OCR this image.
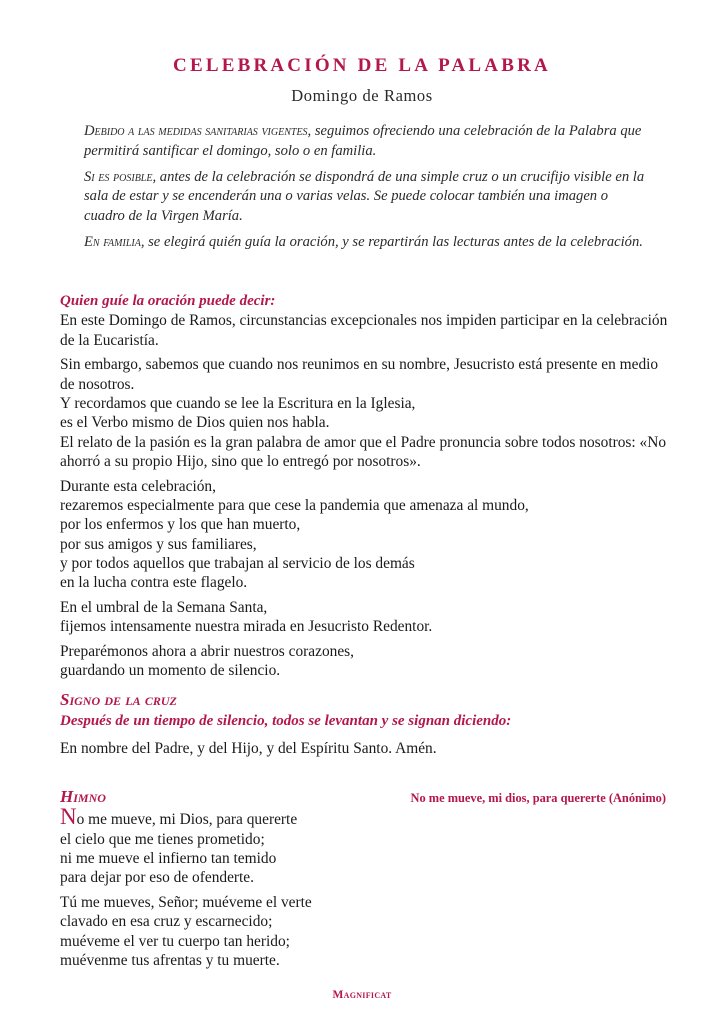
CELEBRACIÓN DE LA PALABRA
Domingo de Ramos

Debido a las medidas sanitarias vigentes, seguimos ofreciendo una celebración de la Palabra que permitirá santificar el domingo, solo o en familia.

Si es posible, antes de la celebración se dispondrá de una simple cruz o un crucifijo visible en la sala de estar y se encenderán una o varias velas. Se puede colocar también una imagen o cuadro de la Virgen María.

En familia, se elegirá quién guía la oración, y se repartirán las lecturas antes de la celebración.

Quien guíe la oración puede decir:

En este Domingo de Ramos, circunstancias excepcionales nos impiden participar en la celebración de la Eucaristía.

Sin embargo, sabemos que cuando nos reunimos en su nombre, Jesucristo está presente en medio de nosotros.
Y recordamos que cuando se lee la Escritura en la Iglesia,
es el Verbo mismo de Dios quien nos habla.
El relato de la pasión es la gran palabra de amor que el Padre pronuncia sobre todos nosotros: «No ahorró a su propio Hijo, sino que lo entregó por nosotros».

Durante esta celebración,
rezaremos especialmente para que cese la pandemia que amenaza al mundo,
por los enfermos y los que han muerto,
por sus amigos y sus familiares,
y por todos aquellos que trabajan al servicio de los demás
en la lucha contra este flagelo.

En el umbral de la Semana Santa,
fijemos intensamente nuestra mirada en Jesucristo Redentor.

Preparémonos ahora a abrir nuestros corazones,
guardando un momento de silencio.

Signo de la cruz
Después de un tiempo de silencio, todos se levantan y se signan diciendo:
En nombre del Padre, y del Hijo, y del Espíritu Santo. Amén.
No me mueve, mi dios, para quererte (Anónimo)
Himno
No me mueve, mi Dios, para quererte

el cielo que me tienes prometido;
ni me mueve el infierno tan temido
para dejar por eso de ofenderte.

Tú me mueves, Señor; muéveme el verte
clavado en esa cruz y escarnecido;
muéveme el ver tu cuerpo tan herido;
muévenme tus afrentas y tu muerte.

Magnificat
